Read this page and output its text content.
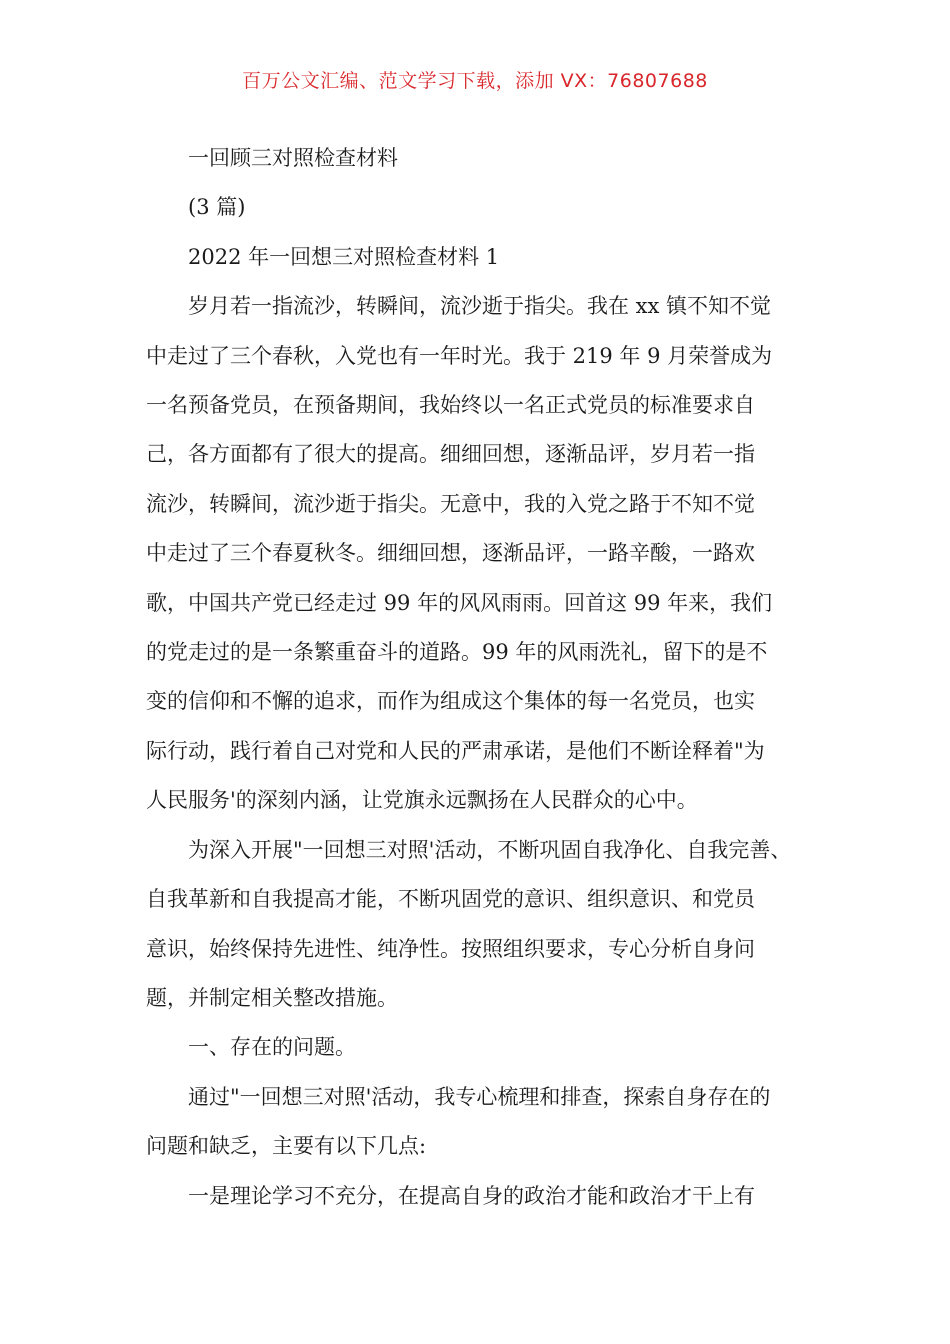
百万公文汇编、范文学习下载，添加 VX：76807688

一回顾三对照检查材料

(3 篇)

2022 年一回想三对照检查材料 1

岁月若一指流沙，转瞬间，流沙逝于指尖。我在 xx 镇不知不觉

中走过了三个春秋，入党也有一年时光。我于 219 年 9 月荣誉成为

一名预备党员，在预备期间，我始终以一名正式党员的标准要求自

己，各方面都有了很大的提高。细细回想，逐渐品评，岁月若一指

流沙，转瞬间，流沙逝于指尖。无意中，我的入党之路于不知不觉

中走过了三个春夏秋冬。细细回想，逐渐品评，一路辛酸，一路欢

歌，中国共产党已经走过 99 年的风风雨雨。回首这 99 年来，我们

的党走过的是一条繁重奋斗的道路。99 年的风雨洗礼，留下的是不

变的信仰和不懈的追求，而作为组成这个集体的每一名党员，也实

际行动，践行着自己对党和人民的严肃承诺，是他们不断诠释着"为

人民服务'的深刻内涵，让党旗永远飘扬在人民群众的心中。

为深入开展"一回想三对照'活动，不断巩固自我净化、自我完善、

自我革新和自我提高才能，不断巩固党的意识、组织意识、和党员

意识，始终保持先进性、纯净性。按照组织要求，专心分析自身问

题，并制定相关整改措施。

一、存在的问题。

通过"一回想三对照'活动，我专心梳理和排查，探索自身存在的

问题和缺乏，主要有以下几点:

一是理论学习不充分，在提高自身的政治才能和政治才干上有
